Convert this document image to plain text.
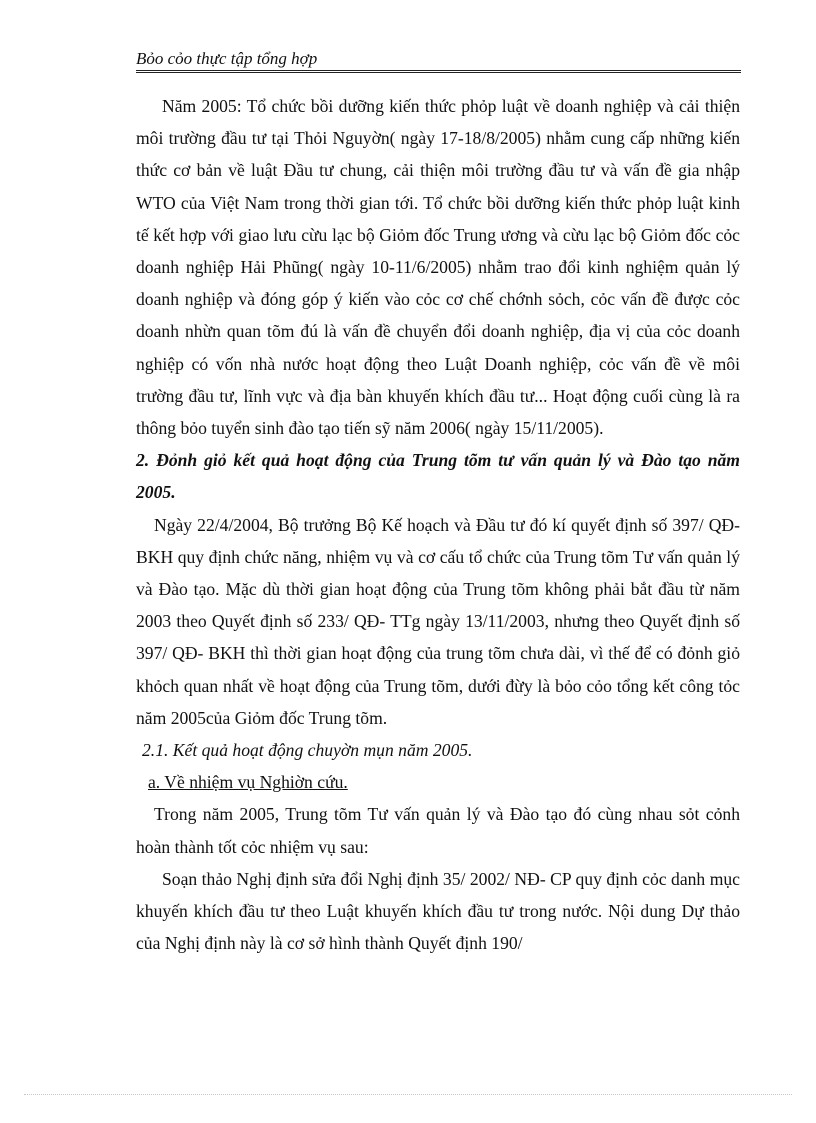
Bỏo cỏo thực tập tổng hợp

Năm 2005: Tổ chức bồi dưỡng kiến thức phỏp luật về doanh nghiệp và cải thiện môi trường đầu tư tại Thỏi Nguyờn( ngày 17-18/8/2005) nhằm cung cấp những kiến thức cơ bản về luật Đầu tư chung, cải thiện môi trường đầu tư và vấn đề gia nhập WTO của Việt Nam trong thời gian tới. Tổ chức bồi dưỡng kiến thức phỏp luật kinh tế kết hợp với giao lưu cừu lạc bộ Giỏm đốc Trung ương và cừu lạc bộ Giỏm đốc cỏc doanh nghiệp Hải Phũng( ngày 10-11/6/2005) nhằm trao đổi kinh nghiệm quản lý doanh nghiệp và đóng góp ý kiến vào cỏc cơ chế chớnh sỏch, cỏc vấn đề được cỏc doanh nhừn quan tõm đú là vấn đề chuyển đổi doanh nghiệp, địa vị của cỏc doanh nghiệp có vốn nhà nước hoạt động theo Luật Doanh nghiệp, cỏc vấn đề về môi trường đầu tư, lĩnh vực và địa bàn khuyến khích đầu tư... Hoạt động cuối cùng là ra thông bỏo tuyển sinh đào tạo tiến sỹ năm 2006( ngày 15/11/2005).

2. Đỏnh giỏ kết quả hoạt động của Trung tõm tư vấn quản lý và Đào tạo năm 2005.

Ngày 22/4/2004, Bộ trưởng Bộ Kế hoạch và Đầu tư đó kí quyết định số 397/ QĐ- BKH quy định chức năng, nhiệm vụ và cơ cấu tổ chức của Trung tõm Tư vấn quản lý và Đào tạo. Mặc dù thời gian hoạt động của Trung tõm không phải bắt đầu từ năm 2003 theo Quyết định số 233/ QĐ- TTg ngày 13/11/2003, nhưng theo Quyết định số 397/ QĐ- BKH thì thời gian hoạt động của trung tõm chưa dài, vì thế để có đỏnh giỏ khỏch quan nhất về hoạt động của Trung tõm, dưới đừy là bỏo cỏo tổng kết công tỏc năm 2005của Giỏm đốc Trung tõm.

2.1. Kết quả hoạt động chuyờn mụn năm 2005.

a. Về nhiệm vụ Nghiờn cứu.

Trong năm 2005, Trung tõm Tư vấn quản lý và Đào tạo đó cùng nhau sỏt cỏnh hoàn thành tốt cỏc nhiệm vụ sau:

Soạn thảo Nghị định sửa đổi Nghị định 35/ 2002/ NĐ- CP quy định cỏc danh mục khuyến khích đầu tư theo Luật khuyến khích đầu tư trong nước. Nội dung Dự thảo của Nghị định này là cơ sở hình thành Quyết định 190/
